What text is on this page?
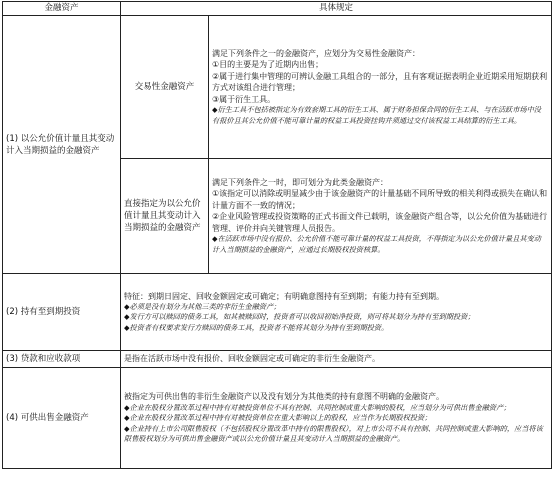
金融资产	具体规定	
(1) 以公允价值计量且其变动计入当期损益的金融资产	交易性金融资产	满足下列条件之一的金融资产，应划分为交易性金融资产：

①目的主要是为了近期内出售；

②属于进行集中管理的可辨认金融工具组合的一部分，且有客观证据表明企业近期采用短期获利方式对该组合进行管理；

③属于衍生工具。

◆衍生工具不包括被指定为有效套期工具的衍生工具、属于财务担保合同的衍生工具、与在活跃市场中没有报价且其公允价值不能可靠计量的权益工具投资挂钩并须通过交付该权益工具结算的衍生工具。

	直接指定为以公允价值计量且其变动计入当期损益的金融资产	满足下列条件之一时，即可划分为此类金融资产：

①该指定可以消除或明显减少由于该金融资产的计量基础不同所导致的相关利得或损失在确认和计量方面不一致的情况；

②企业风险管理或投资策略的正式书面文件已载明，该金融资产组合等，以公允价值为基础进行管理、评价并向关键管理人员报告。

◆在活跃市场中没有报价、公允价值不能可靠计量的权益工具投资，不得指定为以公允价值计量且其变动计入当期损益的金融资产，应通过长期股权投资核算。

(2) 持有至到期投资	特征：到期日固定、回收金额固定或可确定；有明确意图持有至到期；有能力持有至到期。

◆必须是没有划分为其他三类的非衍生金融资产；

◆发行方可以赎回的债务工具，如其被赎回时，投资者可以收回初始净投资，则可将其划分为持有至到期投资；

◆投资者有权要求发行方赎回的债务工具，投资者不能将其划分为持有至到期投资。	

(3) 贷款和应收款项	是指在活跃市场中没有报价、回收金额固定或可确定的非衍生金融资产。	
(4) 可供出售金融资产	被指定为可供出售的非衍生金融资产以及没有划分为其他类的持有意图不明确的金融资产。

◆企业在股权分置改革过程中持有对被投资单位不具有控制、共同控制或重大影响的股权，应当划分为可供出售金融资产；

◆企业在股权分置改革过程中持有对被投资单位在重大影响以上的股权，应当作为长期股权投资；

◆企业持有上市公司限售股权（不包括股权分置改革中持有的限售股权），对上市公司不具有控制、共同控制或重大影响的，应当将该限售股权划分为可供出售金融资产或以公允价值计量且其变动计入当期损益的金融资产。	
